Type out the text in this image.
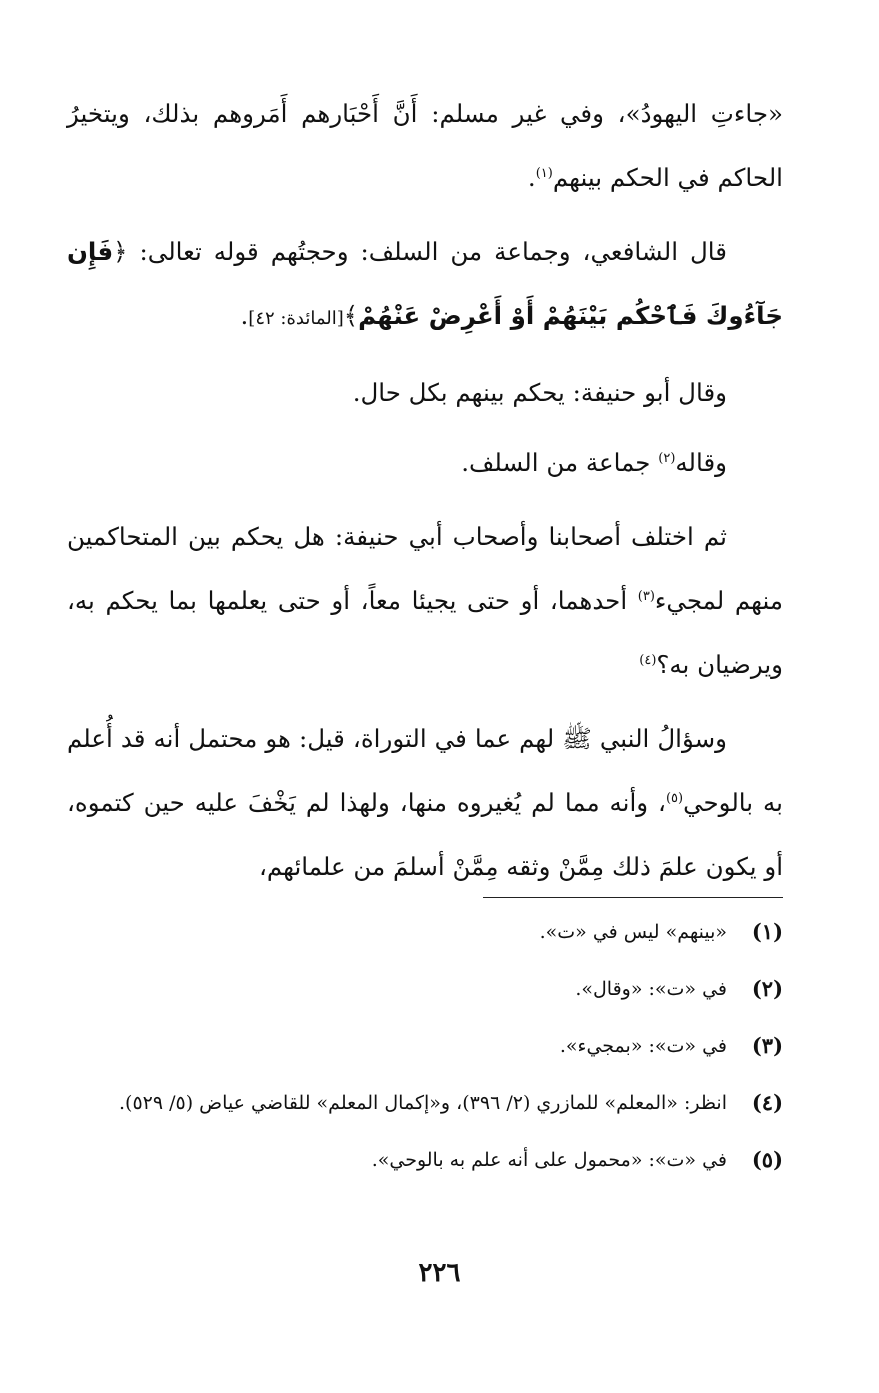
«جاءتِ اليهودُ»، وفي غير مسلم: أَنَّ أَحْبَارهم أَمَروهم بذلك، ويتخيرُ الحاكم في الحكم بينهم$^{(١)}$.

قال الشافعي، وجماعة من السلف: وحجتُهم قوله تعالى: ﴿فَإِن جَآءُوكَ فَٱحْكُم بَيْنَهُمْ أَوْ أَعْرِضْ عَنْهُمْ﴾[المائدة: ٤٢].

وقال أبو حنيفة: يحكم بينهم بكل حال.

وقاله$^{(٢)}$ جماعة من السلف.

ثم اختلف أصحابنا وأصحاب أبي حنيفة: هل يحكم بين المتحاكمين منهم لمجيء$^{(٣)}$ أحدهما، أو حتى يجيئا معاً، أو حتى يعلمها بما يحكم به، ويرضيان به؟$^{(٤)}$

وسؤالُ النبي ﷺ لهم عما في التوراة، قيل: هو محتمل أنه قد أُعلم به بالوحي$^{(٥)}$، وأنه مما لم يُغيروه منها، ولهذا لم يَخْفَ عليه حين كتموه، أو يكون علمَ ذلك مِمَّنْ وثقه مِمَّنْ أسلمَ من علمائهم،

(١)
«بينهم» ليس في «ت».
(٢)
في «ت»: «وقال».
(٣)
في «ت»: «بمجيء».
(٤)
انظر: «المعلم» للمازري (٢/ ٣٩٦)، و«إكمال المعلم» للقاضي عياض (٥/ ٥٢٩).
(٥)
في «ت»: «محمول على أنه علم به بالوحي».
٢٢٦
